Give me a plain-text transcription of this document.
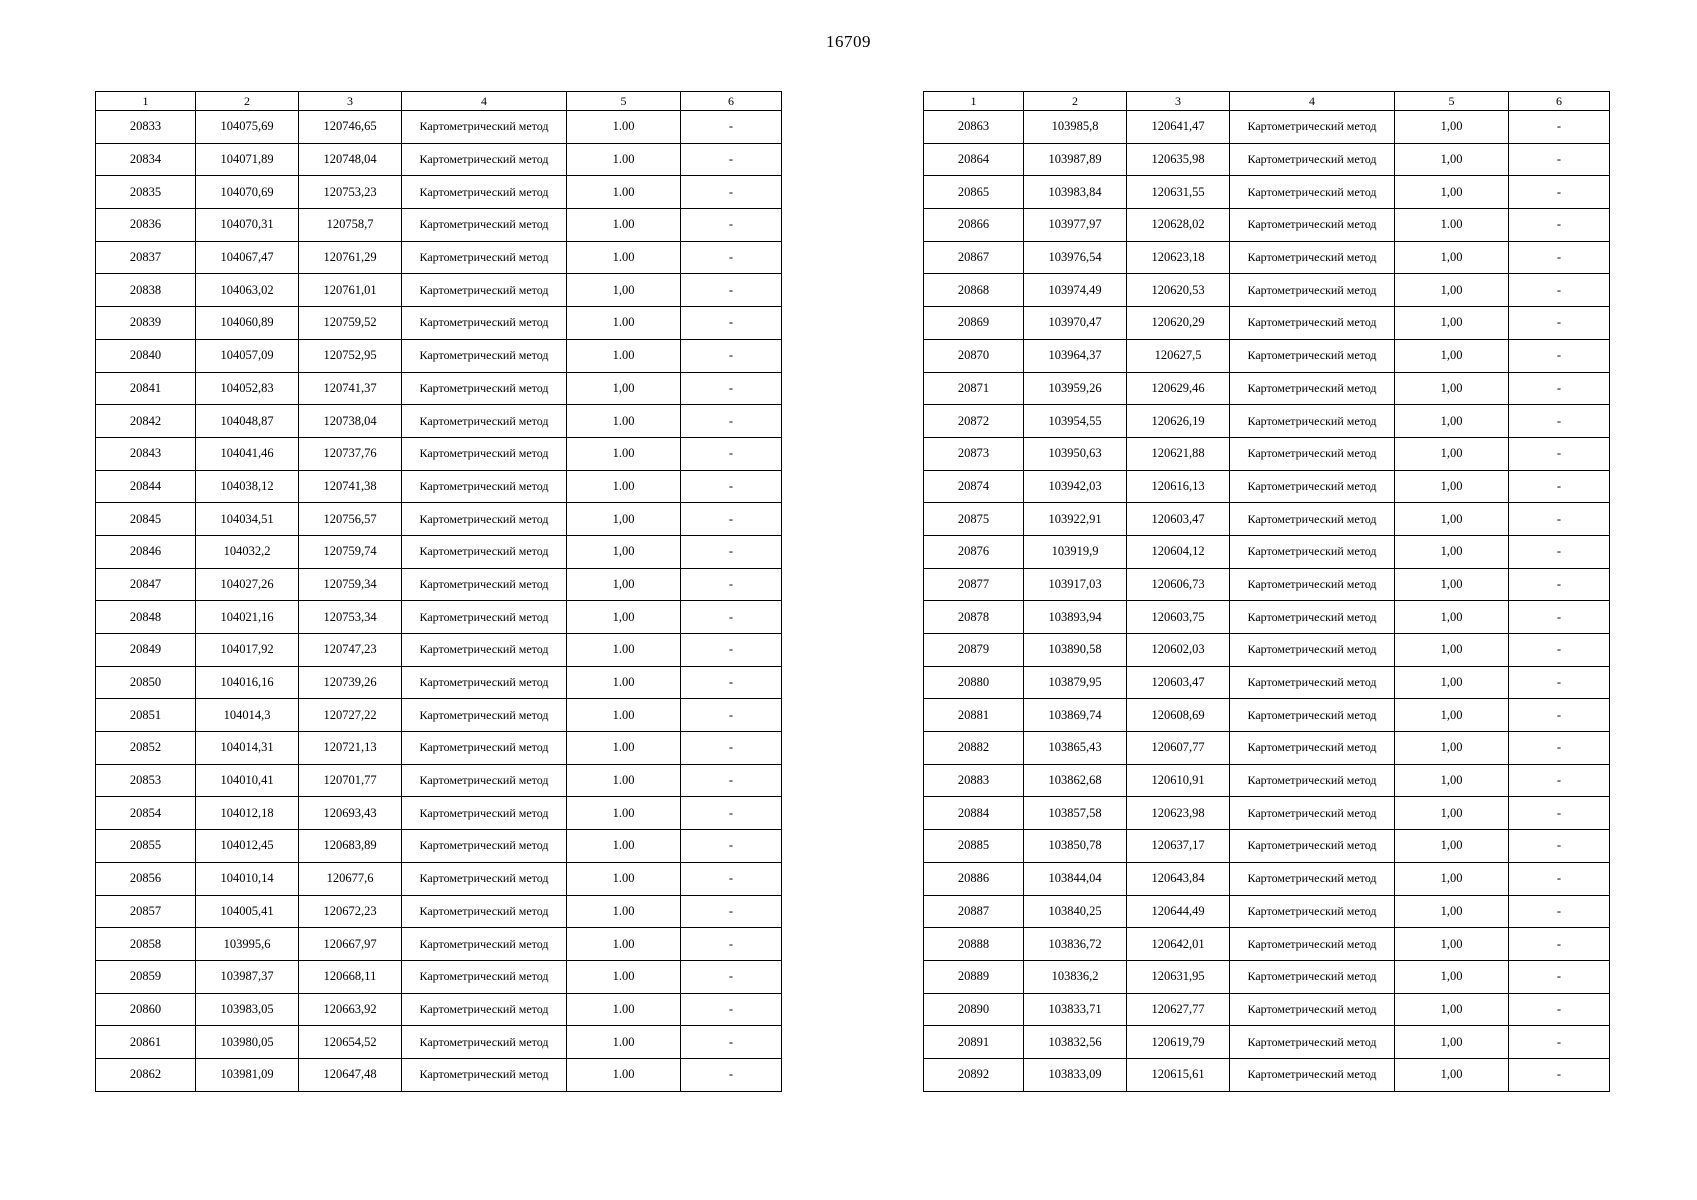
16709
1	2	3	4	5	6
20833	104075,69	120746,65	Картометрический метод	1.00	-
20834	104071,89	120748,04	Картометрический метод	1.00	-
20835	104070,69	120753,23	Картометрический метод	1.00	-
20836	104070,31	120758,7	Картометрический метод	1.00	-
20837	104067,47	120761,29	Картометрический метод	1.00	-
20838	104063,02	120761,01	Картометрический метод	1,00	-
20839	104060,89	120759,52	Картометрический метод	1.00	-
20840	104057,09	120752,95	Картометрический метод	1.00	-
20841	104052,83	120741,37	Картометрический метод	1,00	-
20842	104048,87	120738,04	Картометрический метод	1.00	-
20843	104041,46	120737,76	Картометрический метод	1.00	-
20844	104038,12	120741,38	Картометрический метод	1.00	-
20845	104034,51	120756,57	Картометрический метод	1,00	-
20846	104032,2	120759,74	Картометрический метод	1,00	-
20847	104027,26	120759,34	Картометрический метод	1,00	-
20848	104021,16	120753,34	Картометрический метод	1,00	-
20849	104017,92	120747,23	Картометрический метод	1.00	-
20850	104016,16	120739,26	Картометрический метод	1.00	-
20851	104014,3	120727,22	Картометрический метод	1.00	-
20852	104014,31	120721,13	Картометрический метод	1.00	-
20853	104010,41	120701,77	Картометрический метод	1.00	-
20854	104012,18	120693,43	Картометрический метод	1.00	-
20855	104012,45	120683,89	Картометрический метод	1.00	-
20856	104010,14	120677,6	Картометрический метод	1.00	-
20857	104005,41	120672,23	Картометрический метод	1.00	-
20858	103995,6	120667,97	Картометрический метод	1.00	-
20859	103987,37	120668,11	Картометрический метод	1.00	-
20860	103983,05	120663,92	Картометрический метод	1.00	-
20861	103980,05	120654,52	Картометрический метод	1.00	-
20862	103981,09	120647,48	Картометрический метод	1.00	-
1	2	3	4	5	6
20863	103985,8	120641,47	Картометрический метод	1,00	-
20864	103987,89	120635,98	Картометрический метод	1,00	-
20865	103983,84	120631,55	Картометрический метод	1,00	-
20866	103977,97	120628,02	Картометрический метод	1.00	-
20867	103976,54	120623,18	Картометрический метод	1,00	-
20868	103974,49	120620,53	Картометрический метод	1,00	-
20869	103970,47	120620,29	Картометрический метод	1,00	-
20870	103964,37	120627,5	Картометрический метод	1,00	-
20871	103959,26	120629,46	Картометрический метод	1,00	-
20872	103954,55	120626,19	Картометрический метод	1,00	-
20873	103950,63	120621,88	Картометрический метод	1,00	-
20874	103942,03	120616,13	Картометрический метод	1,00	-
20875	103922,91	120603,47	Картометрический метод	1,00	-
20876	103919,9	120604,12	Картометрический метод	1,00	-
20877	103917,03	120606,73	Картометрический метод	1,00	-
20878	103893,94	120603,75	Картометрический метод	1,00	-
20879	103890,58	120602,03	Картометрический метод	1,00	-
20880	103879,95	120603,47	Картометрический метод	1,00	-
20881	103869,74	120608,69	Картометрический метод	1,00	-
20882	103865,43	120607,77	Картометрический метод	1,00	-
20883	103862,68	120610,91	Картометрический метод	1,00	-
20884	103857,58	120623,98	Картометрический метод	1,00	-
20885	103850,78	120637,17	Картометрический метод	1,00	-
20886	103844,04	120643,84	Картометрический метод	1,00	-
20887	103840,25	120644,49	Картометрический метод	1,00	-
20888	103836,72	120642,01	Картометрический метод	1,00	-
20889	103836,2	120631,95	Картометрический метод	1,00	-
20890	103833,71	120627,77	Картометрический метод	1,00	-
20891	103832,56	120619,79	Картометрический метод	1,00	-
20892	103833,09	120615,61	Картометрический метод	1,00	-
